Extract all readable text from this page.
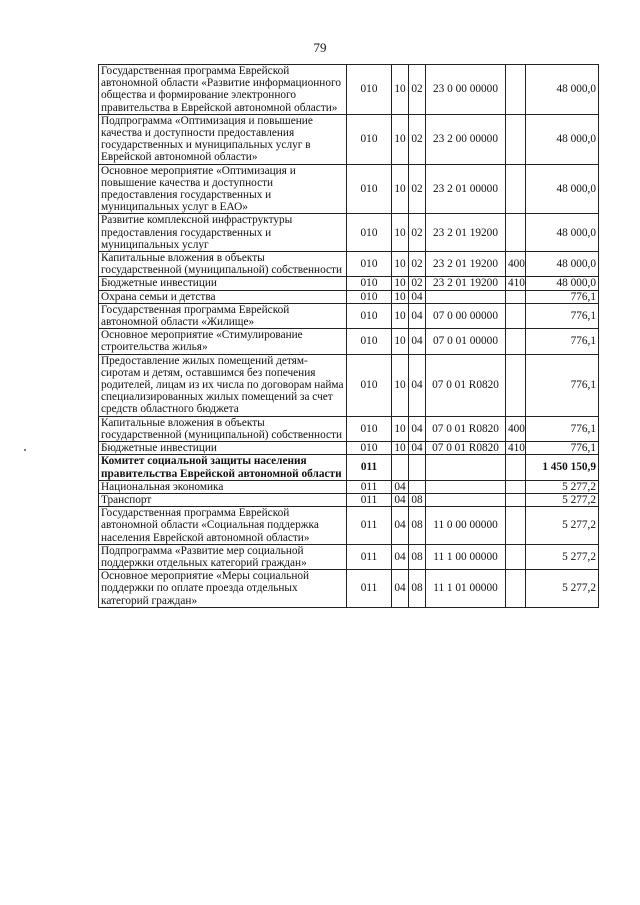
79
Государственная программа Еврейской автономной области «Развитие информационного общества и формирование электронного правительства в Еврейской автономной области»	010	10	02	23 0 00 00000		48 000,0
Подпрограмма «Оптимизация и повышение качества и доступности предоставления государственных и муниципальных услуг в Еврейской автономной области»	010	10	02	23 2 00 00000		48 000,0
Основное мероприятие «Оптимизация и повышение качества и доступности предоставления государственных и муниципальных услуг в ЕАО»	010	10	02	23 2 01 00000		48 000,0
Развитие комплексной инфраструктуры предоставления государственных и муниципальных услуг	010	10	02	23 2 01 19200		48 000,0
Капитальные вложения в объекты государственной (муниципальной) собственности	010	10	02	23 2 01 19200	400	48 000,0
Бюджетные инвестиции	010	10	02	23 2 01 19200	410	48 000,0
Охрана семьи и детства	010	10	04			776,1
Государственная программа Еврейской автономной области «Жилище»	010	10	04	07 0 00 00000		776,1
Основное мероприятие «Стимулирование строительства жилья»	010	10	04	07 0 01 00000		776,1
Предоставление жилых помещений детям-сиротам и детям, оставшимся без попечения родителей, лицам из их числа по договорам найма специализированных жилых помещений за счет средств областного бюджета	010	10	04	07 0 01 R0820		776,1
Капитальные вложения в объекты государственной (муниципальной) собственности	010	10	04	07 0 01 R0820	400	776,1
Бюджетные инвестиции	010	10	04	07 0 01 R0820	410	776,1
Комитет социальной защиты населения правительства Еврейской автономной области	011					1 450 150,9
Национальная экономика	011	04				5 277,2
Транспорт	011	04	08			5 277,2
Государственная программа Еврейской автономной области «Социальная поддержка населения Еврейской автономной области»	011	04	08	11 0 00 00000		5 277,2
Подпрограмма «Развитие мер социальной поддержки отдельных категорий граждан»	011	04	08	11 1 00 00000		5 277,2
Основное мероприятие «Меры социальной поддержки по оплате проезда отдельных категорий граждан»	011	04	08	11 1 01 00000		5 277,2
